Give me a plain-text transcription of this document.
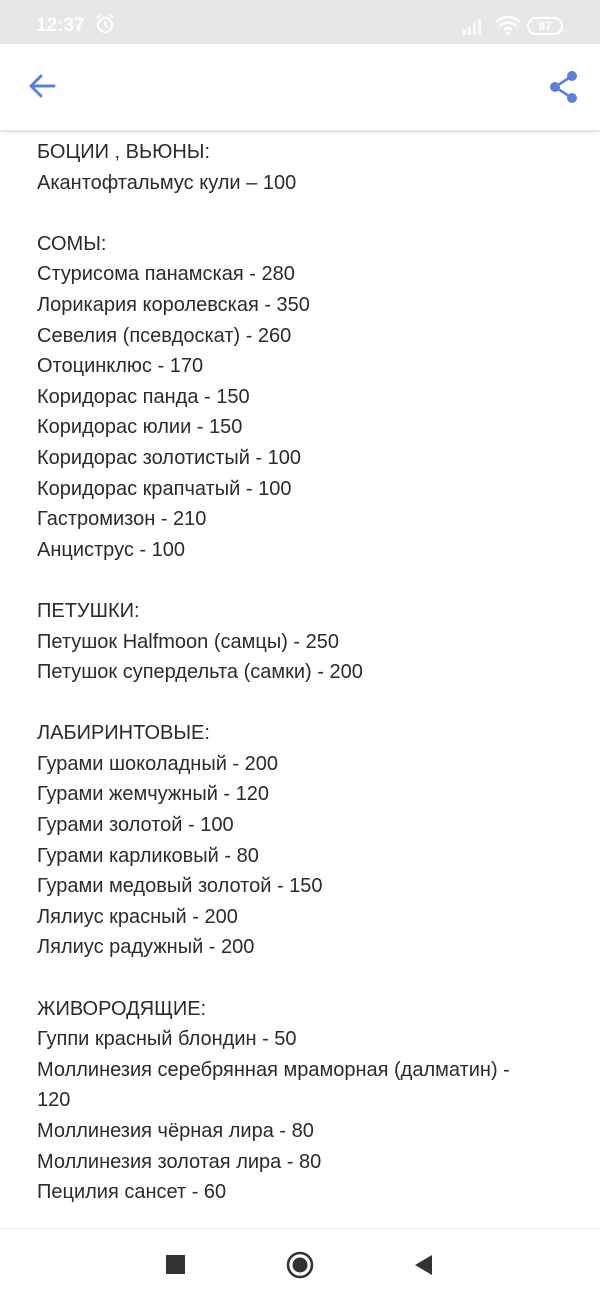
12:37	87
БОЦИИ , ВЬЮНЫ:
Акантофтальмус кули – 100
СОМЫ:
Стурисома панамская - 280
Лорикария королевская - 350
Севелия (псевдоскат) - 260
Отоцинклюс - 170
Коридорас панда - 150
Коридорас юлии - 150
Коридорас золотистый - 100
Коридорас крапчатый - 100
Гастромизон - 210
Анциструс - 100
ПЕТУШКИ:
Петушок Halfmoon (самцы) - 250
Петушок супердельта (самки) - 200
ЛАБИРИНТОВЫЕ:
Гурами шоколадный - 200
Гурами жемчужный - 120
Гурами золотой - 100
Гурами карликовый - 80
Гурами медовый золотой - 150
Лялиус красный - 200
Лялиус радужный - 200
ЖИВОРОДЯЩИЕ:
Гуппи красный блондин - 50
Моллинезия серебрянная мраморная (далматин) -
120
Моллинезия чёрная лира - 80
Моллинезия золотая лира - 80
Пецилия сансет - 60
